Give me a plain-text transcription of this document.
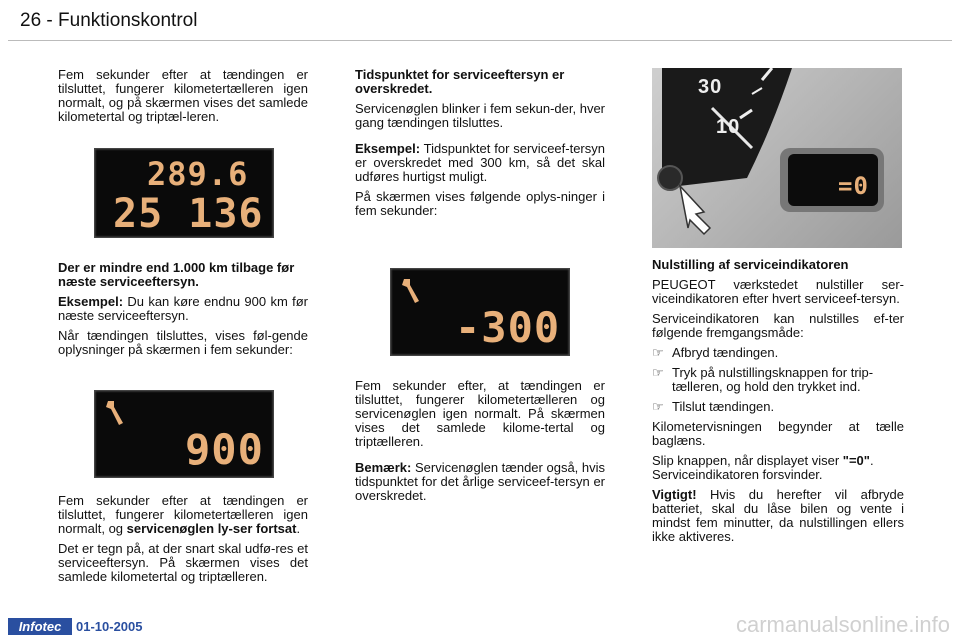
26 - Funktionskontrol

Fem sekunder efter at tændingen er tilsluttet, fungerer kilometertælleren igen normalt, og på skærmen vises det samlede kilometertal og triptæl-leren.

289.6
25 136

Der er mindre end 1.000 km tilbage før næste serviceeftersyn.

Eksempel: Du kan køre endnu 900 km før næste serviceeftersyn.

Når tændingen tilsluttes, vises føl-gende oplysninger på skærmen i fem sekunder:

900

Fem sekunder efter at tændingen er tilsluttet, fungerer kilometertælleren igen normalt, og servicenøglen ly-ser fortsat.

Det er tegn på, at der snart skal udfø-res et serviceeftersyn. På skærmen vises det samlede kilometertal og triptælleren.

Tidspunktet for serviceeftersyn er overskredet.

Servicenøglen blinker i fem sekun-der, hver gang tændingen tilsluttes.

Eksempel: Tidspunktet for serviceef-tersyn er overskredet med 300 km, så det skal udføres hurtigst muligt.

På skærmen vises følgende oplys-ninger i fem sekunder:

-300

Fem sekunder efter, at tændingen er tilsluttet, fungerer kilometertælleren og servicenøglen igen normalt. På skærmen vises det samlede kilome-tertal og triptælleren.

Bemærk: Servicenøglen tænder også, hvis tidspunktet for det årlige serviceef-tersyn er overskredet.

30
10
=0

Nulstilling af serviceindikatoren

PEUGEOT værkstedet nulstiller ser-viceindikatoren efter hvert serviceef-tersyn.

Serviceindikatoren kan nulstilles ef-ter følgende fremgangsmåde:

☞ Afbryd tændingen.
☞ Tryk på nulstillingsknappen for trip-tælleren, og hold den trykket ind.
☞ Tilslut tændingen.

Kilometervisningen begynder at tælle baglæns.

Slip knappen, når displayet viser "=0". Serviceindikatoren forsvinder.

Vigtigt! Hvis du herefter vil afbryde batteriet, skal du låse bilen og vente i mindst fem minutter, da nulstillingen ellers ikke aktiveres.

Infotec	01-10-2005	carmanualsonline.info
